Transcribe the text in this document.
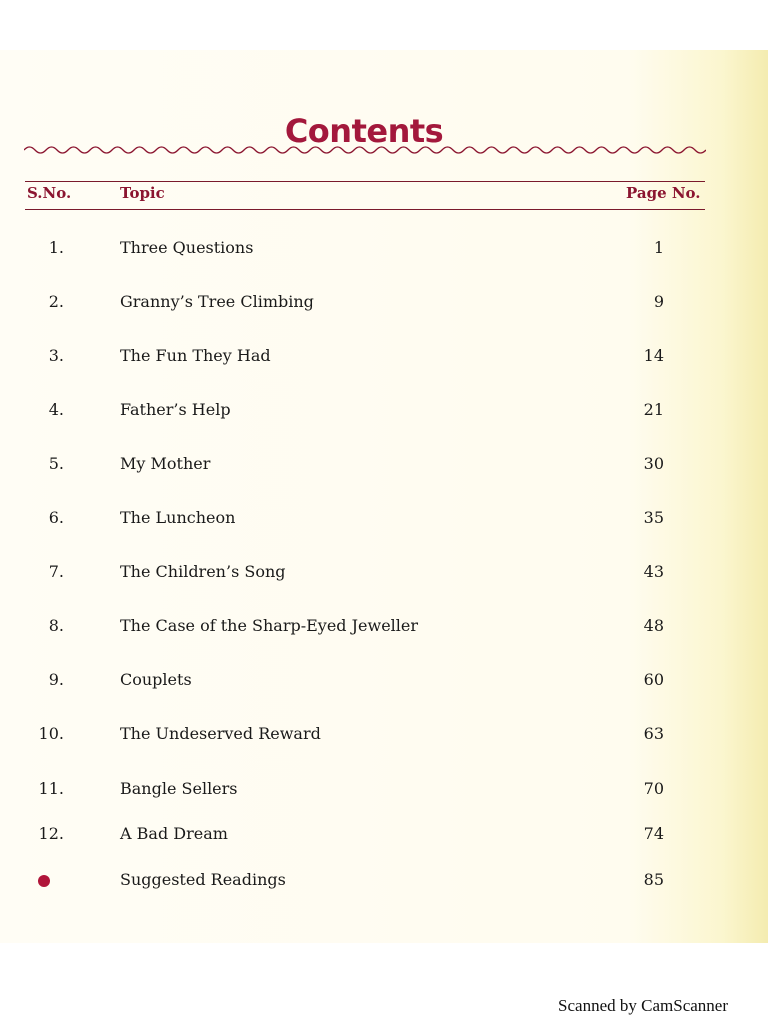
Contents
S.No.	Topic	Page No.
1.	Three Questions	1
2.	Granny’s Tree Climbing	9
3.	The Fun They Had	14
4.	Father’s Help	21
5.	My Mother	30
6.	The Luncheon	35
7.	The Children’s Song	43
8.	The Case of the Sharp-Eyed Jeweller	48
9.	Couplets	60
10.	The Undeserved Reward	63
11.	Bangle Sellers	70
12.	A Bad Dream	74
Suggested Readings	85
Scanned by CamScanner
